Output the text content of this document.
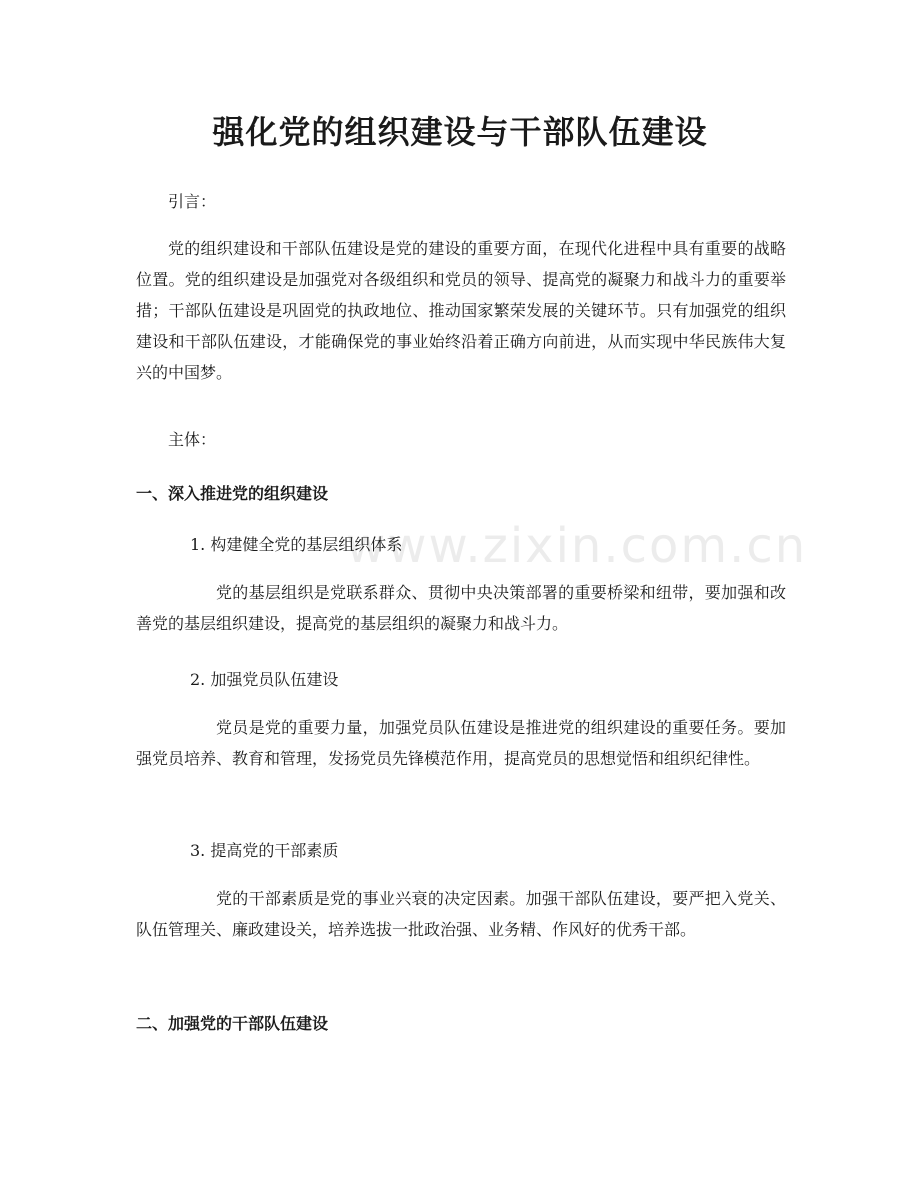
www.zixin.com.cn
强化党的组织建设与干部队伍建设

引言：

党的组织建设和干部队伍建设是党的建设的重要方面，在现代化进程中具有重要的战略位置。党的组织建设是加强党对各级组织和党员的领导、提高党的凝聚力和战斗力的重要举措；干部队伍建设是巩固党的执政地位、推动国家繁荣发展的关键环节。只有加强党的组织建设和干部队伍建设，才能确保党的事业始终沿着正确方向前进，从而实现中华民族伟大复兴的中国梦。

主体：

一、深入推进党的组织建设

1. 构建健全党的基层组织体系

党的基层组织是党联系群众、贯彻中央决策部署的重要桥梁和纽带，要加强和改善党的基层组织建设，提高党的基层组织的凝聚力和战斗力。

2. 加强党员队伍建设

党员是党的重要力量，加强党员队伍建设是推进党的组织建设的重要任务。要加强党员培养、教育和管理，发扬党员先锋模范作用，提高党员的思想觉悟和组织纪律性。

3. 提高党的干部素质

党的干部素质是党的事业兴衰的决定因素。加强干部队伍建设，要严把入党关、队伍管理关、廉政建设关，培养选拔一批政治强、业务精、作风好的优秀干部。

二、加强党的干部队伍建设
